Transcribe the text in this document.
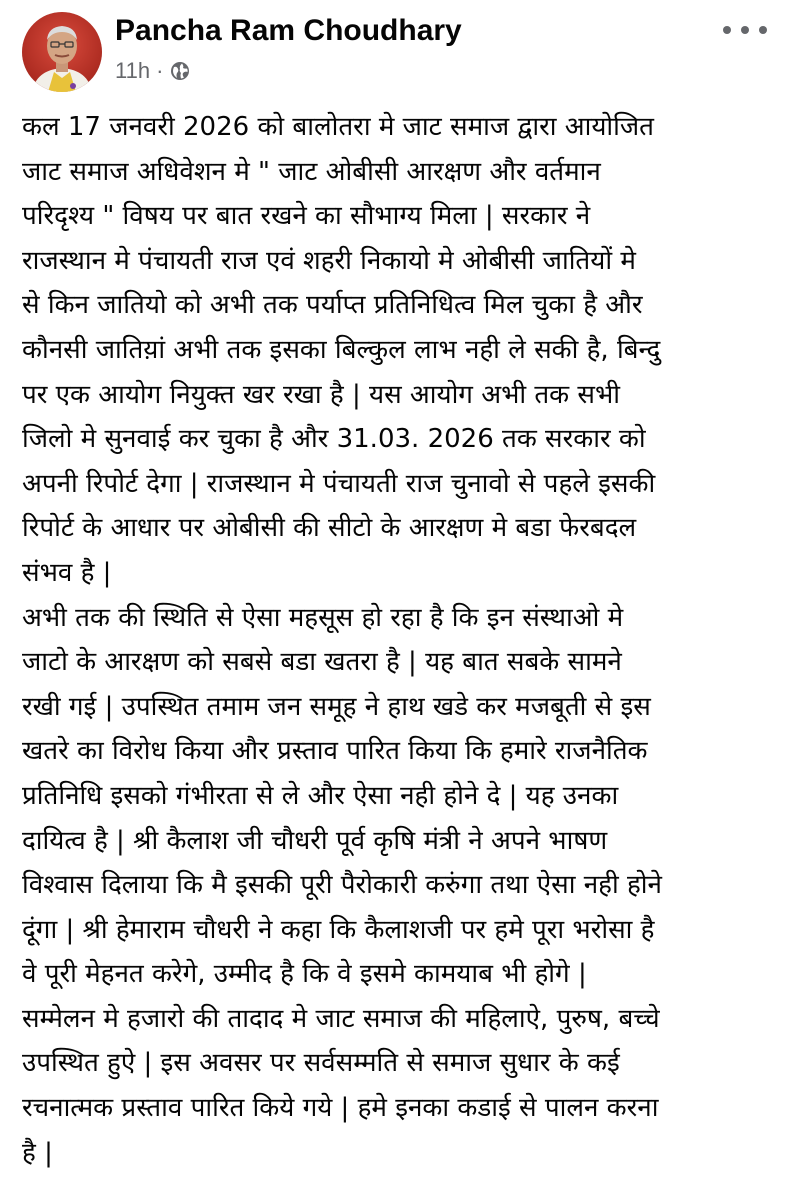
Pancha Ram Choudhary
11h ·

कल 17 जनवरी 2026 को बालोतरा मे जाट समाज द्वारा आयोजित
जाट समाज अधिवेशन मे " जाट ओबीसी आरक्षण और वर्तमान
परिदृश्य " विषय पर बात रखने का सौभाग्य मिला | सरकार ने
राजस्थान मे पंचायती राज एवं शहरी निकायो मे ओबीसी जातियों मे
से किन जातियो को अभी तक पर्याप्त प्रतिनिधित्व मिल चुका है और
कौनसी जातिय़ां अभी तक इसका बिल्कुल लाभ नही ले सकी है, बिन्दु
पर एक आयोग नियुक्त खर रखा है | यस आयोग अभी तक सभी
जिलो मे सुनवाई कर चुका है और 31.03. 2026 तक सरकार को
अपनी रिपोर्ट देगा | राजस्थान मे पंचायती राज चुनावो से पहले इसकी
रिपोर्ट के आधार पर ओबीसी की सीटो के आरक्षण मे बडा फेरबदल
संभव है |

अभी तक की स्थिति से ऐसा महसूस हो रहा है कि इन संस्थाओ मे
जाटो के आरक्षण को सबसे बडा खतरा है | यह बात सबके सामने
रखी गई | उपस्थित तमाम जन समूह ने हाथ खडे कर मजबूती से इस
खतरे का विरोध किया और प्रस्ताव पारित किया कि हमारे राजनैतिक
प्रतिनिधि इसको गंभीरता से ले और ऐसा नही होने दे | यह उनका
दायित्व है | श्री कैलाश जी चौधरी पूर्व कृषि मंत्री ने अपने भाषण
विश्वास दिलाया कि मै इसकी पूरी पैरोकारी करुंगा तथा ऐसा नही होने
दूंगा | श्री हेमाराम चौधरी ने कहा कि कैलाशजी पर हमे पूरा भरोसा है
वे पूरी मेहनत करेगे, उम्मीद है कि वे इसमे कामयाब भी होगे |
सम्मेलन मे हजारो की तादाद मे जाट समाज की महिलाऐ, पुरुष, बच्चे
उपस्थित हुऐ | इस अवसर पर सर्वसम्मति से समाज सुधार के कई
रचनात्मक प्रस्ताव पारित किये गये | हमे इनका कडाई से पालन करना
है |
